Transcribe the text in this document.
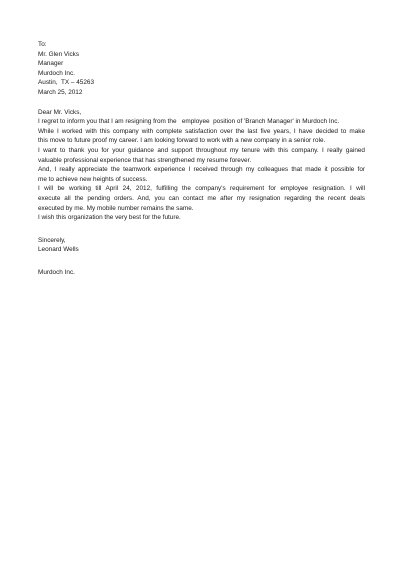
To:
Mr. Glen Vicks
Manager
Murdoch Inc.
Austin,  TX – 45263
March 25, 2012
Dear Mr. Vicks,
I regret to inform you that I am resigning from the   employee  position of 'Branch Manager' in Murdoch Inc.
While I worked with this company with complete satisfaction over the last five years, I have decided to make
this move to future proof my career. I am looking forward to work with a new company in a senior role.
I want to thank you for your guidance and support throughout my tenure with this company. I really gained
valuable professional experience that has strengthened my resume forever.
And, I really appreciate the teamwork experience I received through my colleagues that made it possible for
me to achieve new heights of success.
I will be working till April 24, 2012, fulfilling the company's requirement for employee resignation. I will
execute all the pending orders. And, you can contact me after my resignation regarding the recent deals
executed by me. My mobile number remains the same.
I wish this organization the very best for the future.
Sincerely,
Leonard Wells
Murdoch Inc.
